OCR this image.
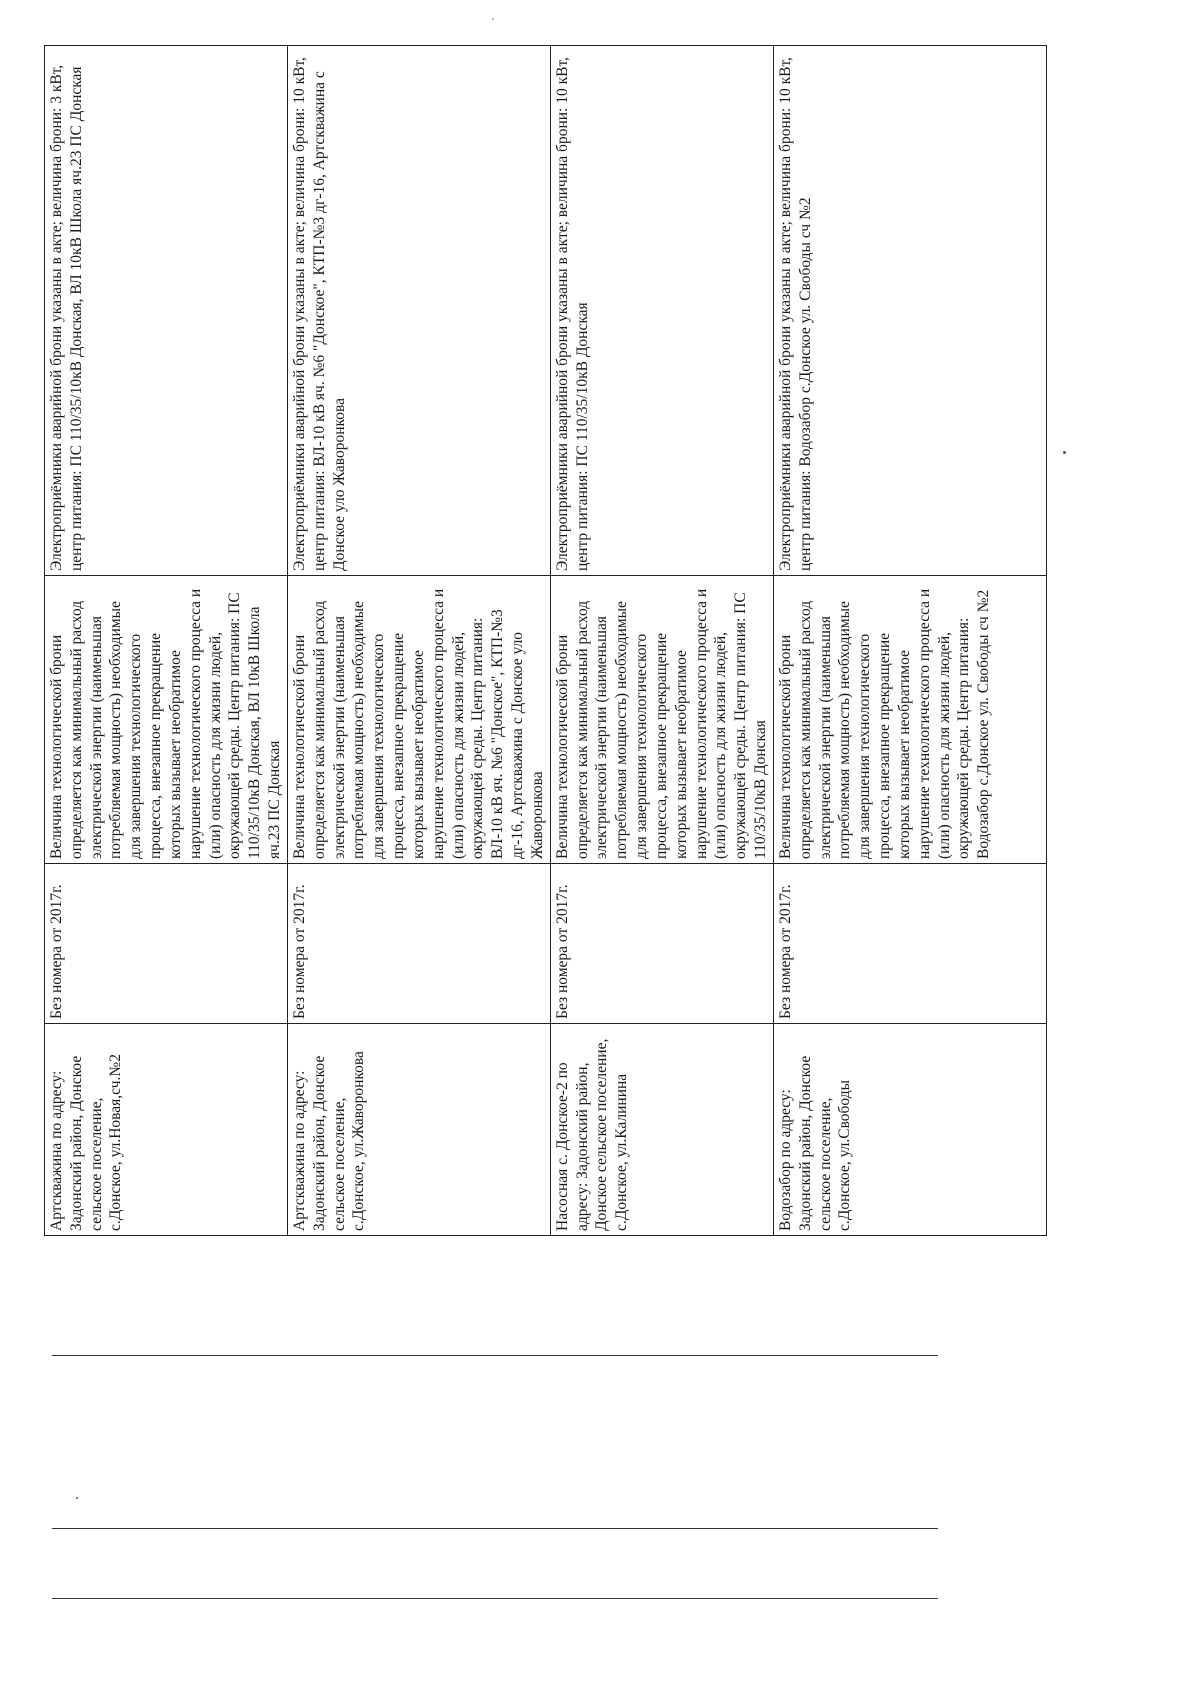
Артскважина по адресу: Задонский район, Донское сельское поселение, с.Донское, ул.Новая,сч.№2	Без номера от 2017г.	Величина технологической брони определяется как минимальный расход электрической энергии (наименьшая потребляемая мощность) необходимые для завершения технологического процесса, внезапное прекращение которых вызывает необратимое нарушение технологического процесса и (или) опасность для жизни людей, окружающей среды. Центр питания: ПС 110/35/10кВ Донская, ВЛ 10кВ Школа яч.23 ПС Донская	Электроприёмники аварийной брони указаны в акте; величина брони: 3 кВт, центр питания: ПС 110/35/10кВ Донская, ВЛ 10кВ Школа яч.23 ПС Донская
Артскважина по адресу: Задонский район, Донское сельское поселение, с.Донское, ул.Жаворонкова	Без номера от 2017г.	Величина технологической брони определяется как минимальный расход электрической энергии (наименьшая потребляемая мощность) необходимые для завершения технологического процесса, внезапное прекращение которых вызывает необратимое нарушение технологического процесса и (или) опасность для жизни людей, окружающей среды. Центр питания: ВЛ-10 кВ яч. №6 "Донское", КТП-№3 дг-16, Артскважина с Донское уло Жаворонкова	Электроприёмники аварийной брони указаны в акте; величина брони: 10 кВт, центр питания: ВЛ-10 кВ яч. №6 "Донское", КТП-№3 дг-16, Артскважина с Донское уло Жаворонкова
Насосная с. Донское-2 по адресу: Задонский район, Донское сельское поселение, с.Донское, ул.Калинина	Без номера от 2017г.	Величина технологической брони определяется как минимальный расход электрической энергии (наименьшая потребляемая мощность) необходимые для завершения технологического процесса, внезапное прекращение которых вызывает необратимое нарушение технологического процесса и (или) опасность для жизни людей, окружающей среды. Центр питания: ПС 110/35/10кВ Донская	Электроприёмники аварийной брони указаны в акте; величина брони: 10 кВт, центр питания: ПС 110/35/10кВ Донская
Водозабор по адресу: Задонский район, Донское сельское поселение, с.Донское, ул.Свободы	Без номера от 2017г.	Величина технологической брони определяется как минимальный расход электрической энергии (наименьшая потребляемая мощность) необходимые для завершения технологического процесса, внезапное прекращение которых вызывает необратимое нарушение технологического процесса и (или) опасность для жизни людей, окружающей среды. Центр питания: Водозабор с.Донское ул. Свободы сч №2	Электроприёмники аварийной брони указаны в акте; величина брони: 10 кВт, центр питания: Водозабор с.Донское ул. Свободы сч №2
